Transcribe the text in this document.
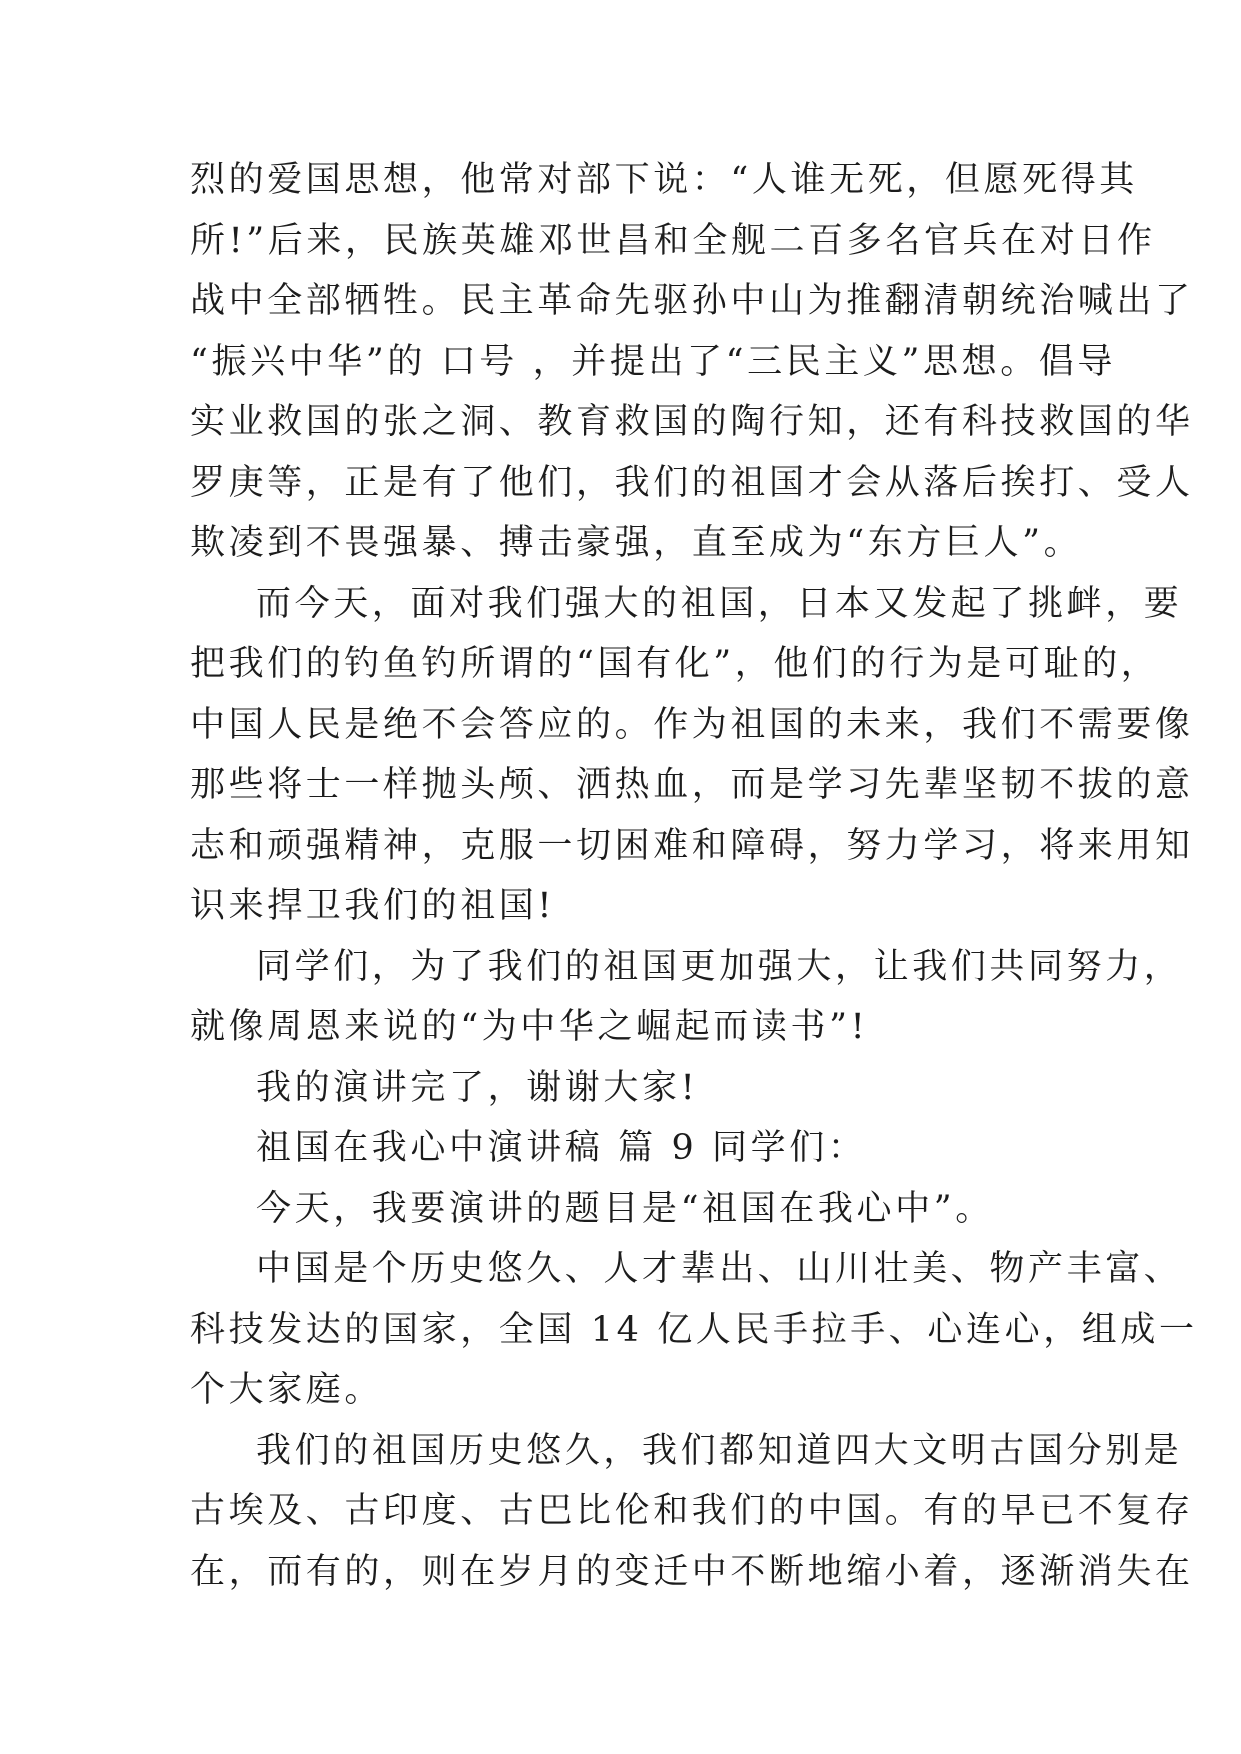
烈的爱国思想，他常对部下说：“人谁无死，但愿死得其
所!”后来，民族英雄邓世昌和全舰二百多名官兵在对日作
战中全部牺牲。民主革命先驱孙中山为推翻清朝统治喊出了
“振兴中华”的 口号 ，并提出了“三民主义”思想。倡导
实业救国的张之洞、教育救国的陶行知，还有科技救国的华
罗庚等，正是有了他们，我们的祖国才会从落后挨打、受人
欺凌到不畏强暴、搏击豪强，直至成为“东方巨人”。
而今天，面对我们强大的祖国，日本又发起了挑衅，要
把我们的钓鱼钓所谓的“国有化”，他们的行为是可耻的，
中国人民是绝不会答应的。作为祖国的未来，我们不需要像
那些将士一样抛头颅、洒热血，而是学习先辈坚韧不拔的意
志和顽强精神，克服一切困难和障碍，努力学习，将来用知
识来捍卫我们的祖国!
同学们，为了我们的祖国更加强大，让我们共同努力，
就像周恩来说的“为中华之崛起而读书”!
我的演讲完了，谢谢大家!
祖国在我心中演讲稿 篇 9 同学们：
今天，我要演讲的题目是“祖国在我心中”。
中国是个历史悠久、人才辈出、山川壮美、物产丰富、
科技发达的国家，全国 14 亿人民手拉手、心连心，组成一
个大家庭。
我们的祖国历史悠久，我们都知道四大文明古国分别是
古埃及、古印度、古巴比伦和我们的中国。有的早已不复存
在，而有的，则在岁月的变迁中不断地缩小着，逐渐消失在
